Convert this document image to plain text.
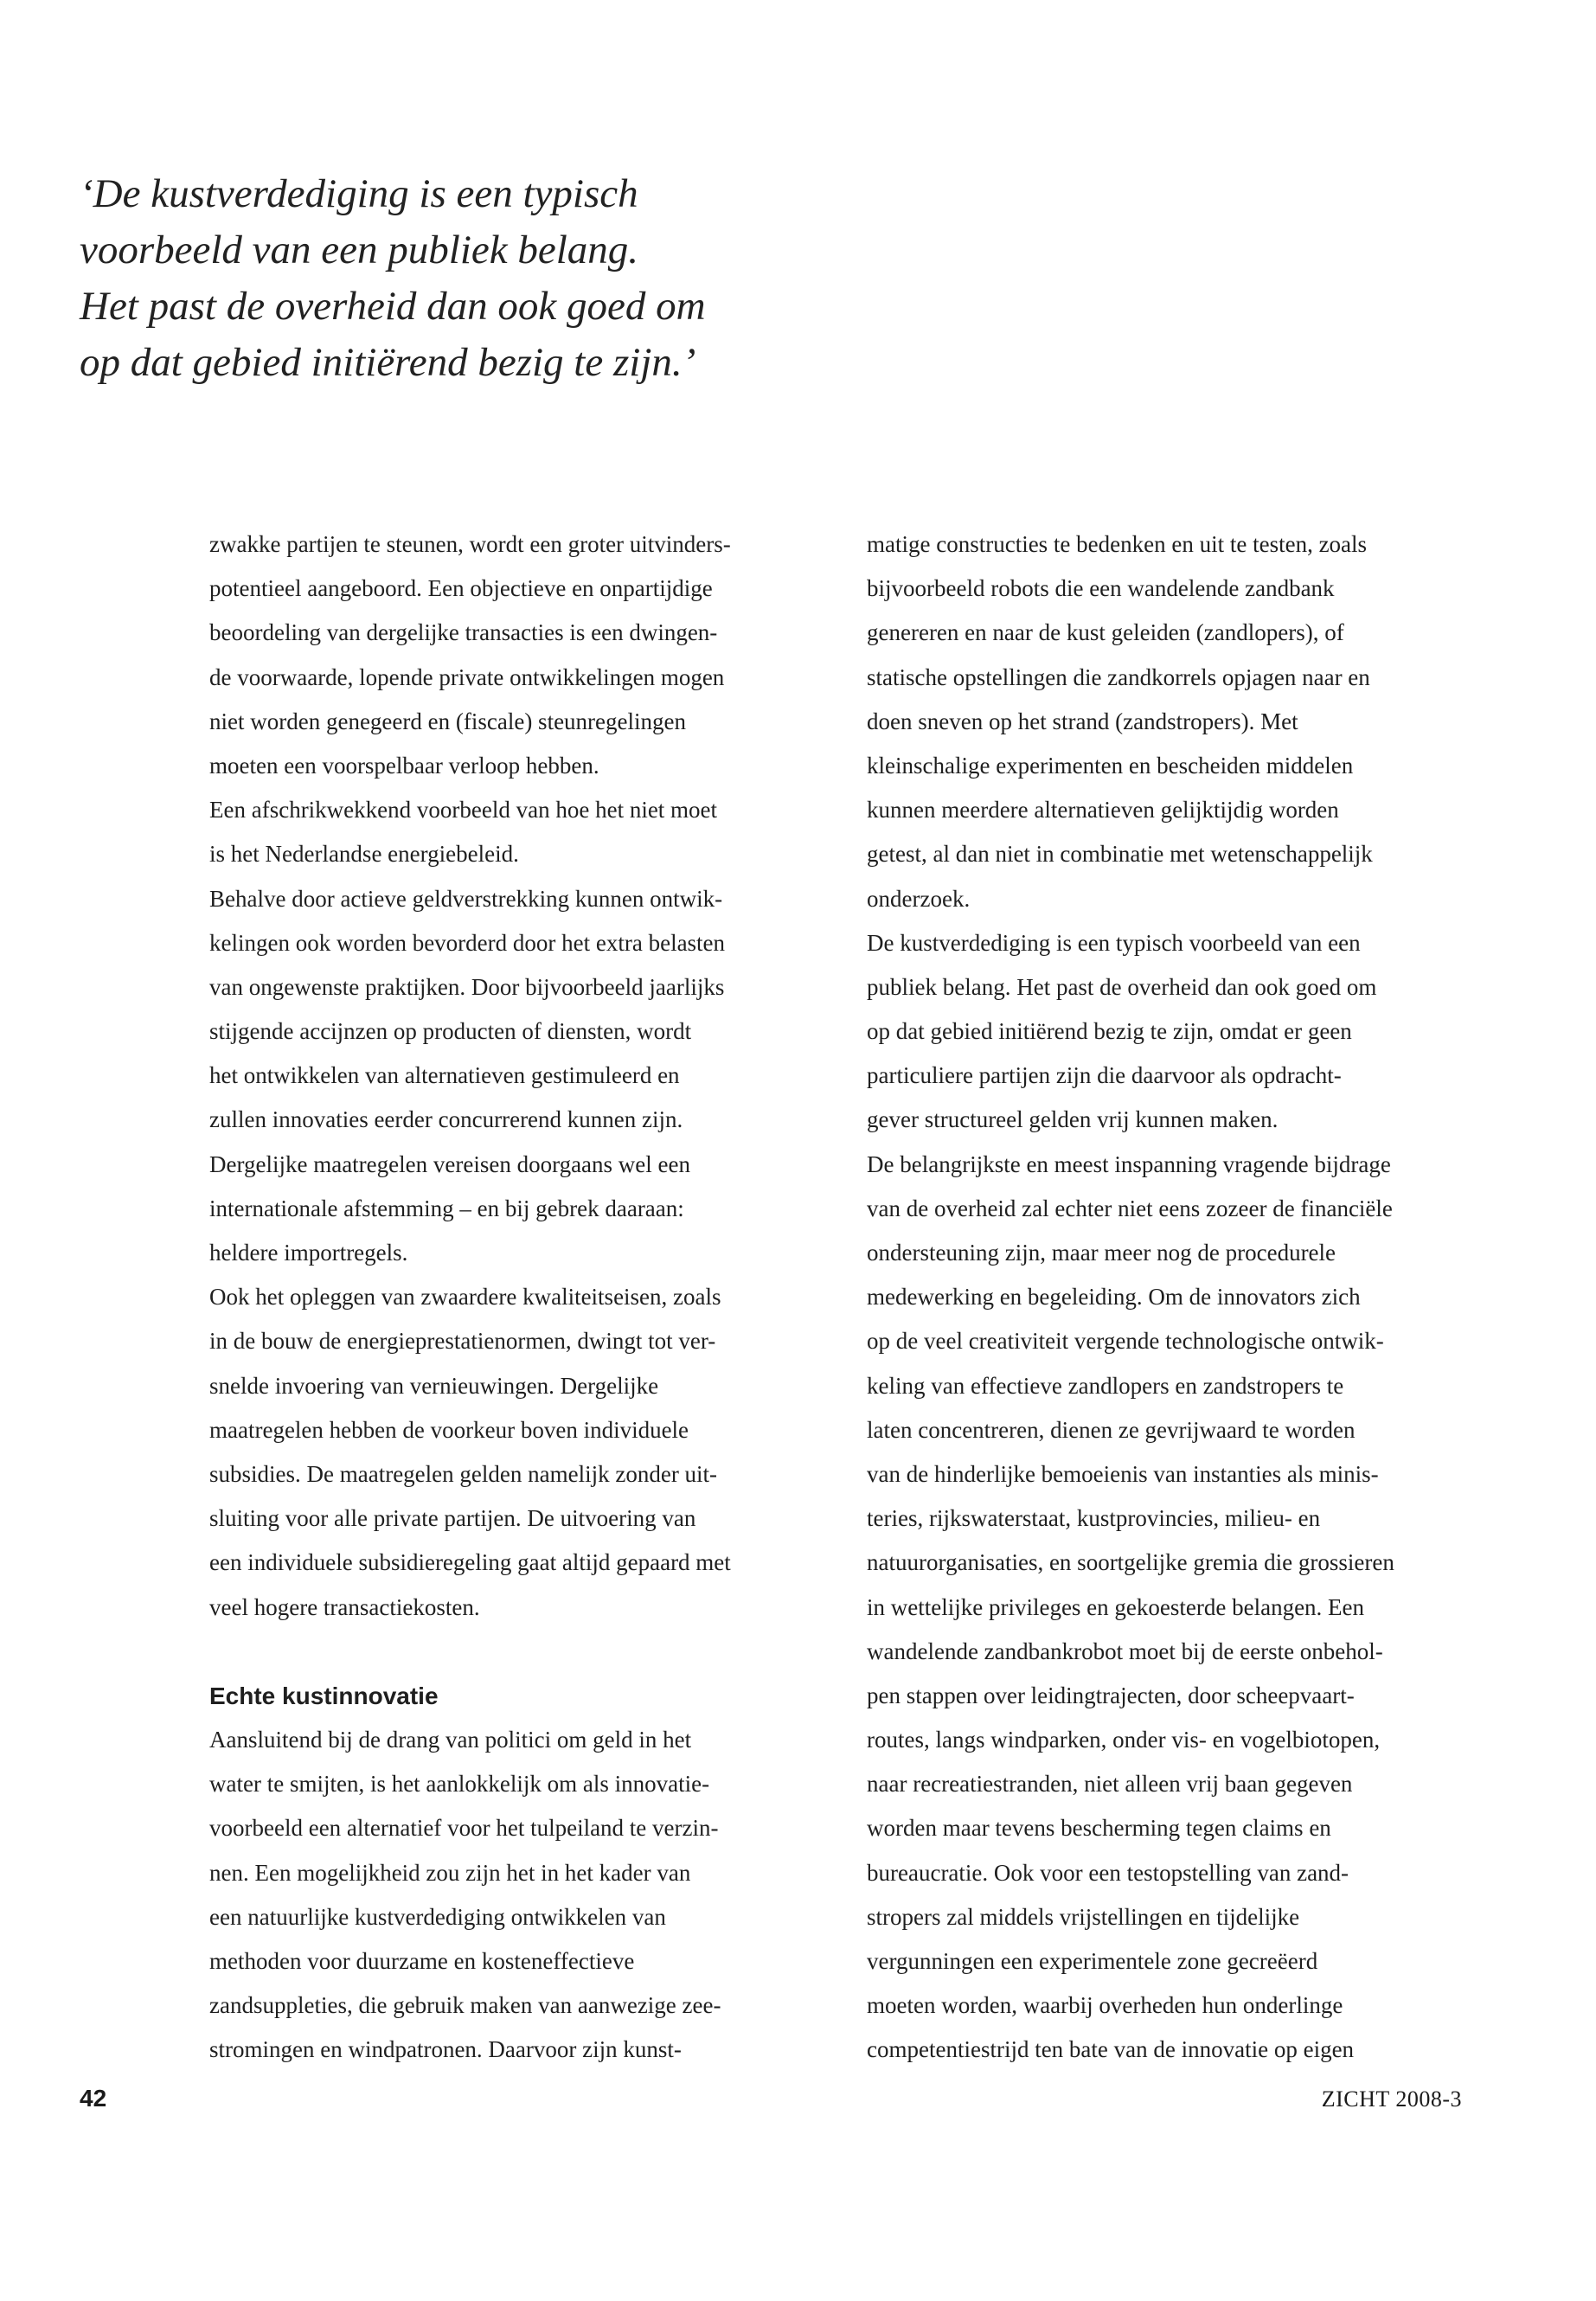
‘De kustverdediging is een typisch
voorbeeld van een publiek belang.
Het past de overheid dan ook goed om
op dat gebied initiërend bezig te zijn.’
zwakke partijen te steunen, wordt een groter uitvinders-
potentieel aangeboord. Een objectieve en onpartijdige
beoordeling van dergelijke transacties is een dwingen-
de voorwaarde, lopende private ontwikkelingen mogen
niet worden genegeerd en (fiscale) steunregelingen
moeten een voorspelbaar verloop hebben.
Een afschrikwekkend voorbeeld van hoe het niet moet
is het Nederlandse energiebeleid.
Behalve door actieve geldverstrekking kunnen ontwik-
kelingen ook worden bevorderd door het extra belasten
van ongewenste praktijken. Door bijvoorbeeld jaarlijks
stijgende accijnzen op producten of diensten, wordt
het ontwikkelen van alternatieven gestimuleerd en
zullen innovaties eerder concurrerend kunnen zijn.
Dergelijke maatregelen vereisen doorgaans wel een
internationale afstemming – en bij gebrek daaraan:
heldere importregels.
Ook het opleggen van zwaardere kwaliteitseisen, zoals
in de bouw de energieprestatienormen, dwingt tot ver-
snelde invoering van vernieuwingen. Dergelijke
maatregelen hebben de voorkeur boven individuele
subsidies. De maatregelen gelden namelijk zonder uit-
sluiting voor alle private partijen. De uitvoering van
een individuele subsidieregeling gaat altijd gepaard met
veel hogere transactiekosten.
Echte kustinnovatie
Aansluitend bij de drang van politici om geld in het
water te smijten, is het aanlokkelijk om als innovatie-
voorbeeld een alternatief voor het tulpeiland te verzin-
nen. Een mogelijkheid zou zijn het in het kader van
een natuurlijke kustverdediging ontwikkelen van
methoden voor duurzame en kosteneffectieve
zandsuppleties, die gebruik maken van aanwezige zee-
stromingen en windpatronen. Daarvoor zijn kunst-
matige constructies te bedenken en uit te testen, zoals
bijvoorbeeld robots die een wandelende zandbank
genereren en naar de kust geleiden (zandlopers), of
statische opstellingen die zandkorrels opjagen naar en
doen sneven op het strand (zandstropers). Met
kleinschalige experimenten en bescheiden middelen
kunnen meerdere alternatieven gelijktijdig worden
getest, al dan niet in combinatie met wetenschappelijk
onderzoek.
De kustverdediging is een typisch voorbeeld van een
publiek belang. Het past de overheid dan ook goed om
op dat gebied initiërend bezig te zijn, omdat er geen
particuliere partijen zijn die daarvoor als opdracht-
gever structureel gelden vrij kunnen maken.
De belangrijkste en meest inspanning vragende bijdrage
van de overheid zal echter niet eens zozeer de financiële
ondersteuning zijn, maar meer nog de procedurele
medewerking en begeleiding. Om de innovators zich
op de veel creativiteit vergende technologische ontwik-
keling van effectieve zandlopers en zandstropers te
laten concentreren, dienen ze gevrijwaard te worden
van de hinderlijke bemoeienis van instanties als minis-
teries, rijkswaterstaat, kustprovincies, milieu- en
natuurorganisaties, en soortgelijke gremia die grossieren
in wettelijke privileges en gekoesterde belangen. Een
wandelende zandbankrobot moet bij de eerste onbehol-
pen stappen over leidingtrajecten, door scheepvaart-
routes, langs windparken, onder vis- en vogelbiotopen,
naar recreatiestranden, niet alleen vrij baan gegeven
worden maar tevens bescherming tegen claims en
bureaucratie. Ook voor een testopstelling van zand-
stropers zal middels vrijstellingen en tijdelijke
vergunningen een experimentele zone gecreëerd
moeten worden, waarbij overheden hun onderlinge
competentiestrijd ten bate van de innovatie op eigen
42	ZICHT 2008-3
